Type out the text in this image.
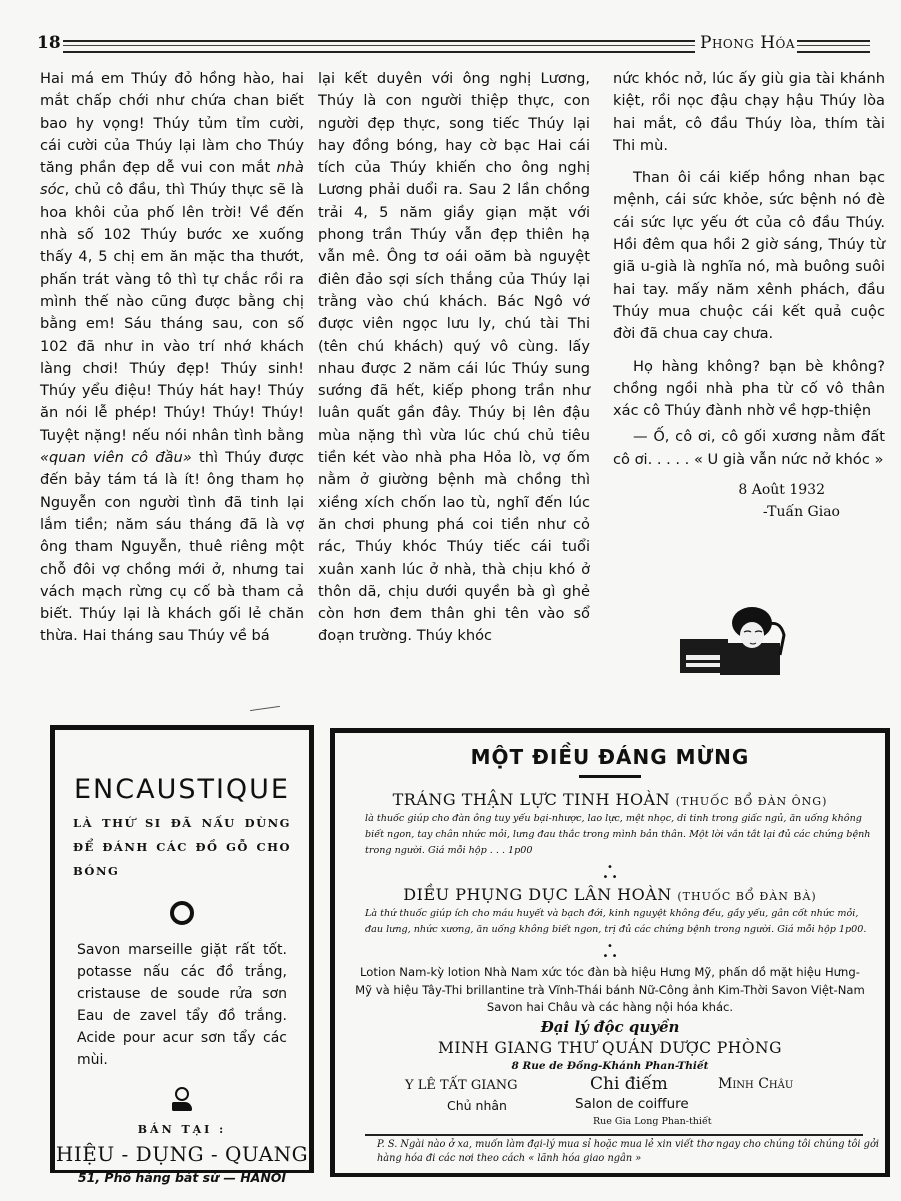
18	Phong Hóa

Hai má em Thúy đỏ hồng hào, hai mắt chấp chới như chứa chan biết bao hy vọng! Thúy tủm tỉm cười, cái cười của Thúy lại làm cho Thúy tăng phần đẹp dễ vui con mắt nhà sóc, chủ cô đầu, thì Thúy thực sẽ là hoa khôi của phố lên trời! Về đến nhà số 102 Thúy bước xe xuống thấy 4, 5 chị em ăn mặc tha thướt, phấn trát vàng tô thì tự chắc rồi ra mình thế nào cũng được bằng chị bằng em! Sáu tháng sau, con số 102 đã như in vào trí nhớ khách làng chơi! Thúy đẹp! Thúy sinh! Thúy yểu điệu! Thúy hát hay! Thúy ăn nói lễ phép! Thúy! Thúy! Thúy! Tuyệt nặng! nếu nói nhân tình bằng «quan viên cô đầu» thì Thúy được đến bảy tám tá là ít! ông tham họ Nguyễn con người tình đã tinh lại lắm tiền; năm sáu tháng đã là vợ ông tham Nguyễn, thuê riêng một chỗ đôi vợ chồng mới ở, nhưng tai vách mạch rừng cụ cố bà tham cả biết. Thúy lại là khách gối lẻ chăn thừa. Hai tháng sau Thúy về bá

lại kết duyên với ông nghị Lương, Thúy là con người thiệp thực, con người đẹp thực, song tiếc Thúy lại hay đồng bóng, hay cờ bạc Hai cái tích của Thúy khiến cho ông nghị Lương phải duổi ra. Sau 2 lần chồng trải 4, 5 năm giầy giạn mặt với phong trần Thúy vẫn đẹp thiên hạ vẫn mê. Ông tơ oái oăm bà nguyệt điên đảo sợi sích thắng của Thúy lại trằng vào chú khách. Bác Ngô vớ được viên ngọc lưu ly, chú tài Thi (tên chú khách) quý vô cùng. lấy nhau được 2 năm cái lúc Thúy sung sướng đã hết, kiếp phong trần như luân quất gần đây. Thúy bị lên đậu mùa nặng thì vừa lúc chú chủ tiêu tiền két vào nhà pha Hỏa lò, vợ ốm nằm ở giường bệnh mà chồng thì xiềng xích chốn lao tù, nghĩ đến lúc ăn chơi phung phá coi tiền như cỏ rác, Thúy khóc Thúy tiếc cái tuổi xuân xanh lúc ở nhà, thà chịu khó ở thôn dã, chịu dưới quyền bà gì ghẻ còn hơn đem thân ghi tên vào sổ đoạn trường. Thúy khóc

nức khóc nở, lúc ấy giù gia tài khánh kiệt, rồi nọc đậu chạy hậu Thúy lòa hai mắt, cô đầu Thúy lòa, thím tài Thi mù.

Than ôi cái kiếp hồng nhan bạc mệnh, cái sức khỏe, sức bệnh nó đè cái sức lực yếu ớt của cô đầu Thúy. Hồi đêm qua hồi 2 giờ sáng, Thúy từ giã u-già là nghĩa nó, mà buông suôi hai tay. mấy năm xênh phách, đầu Thúy mua chuộc cái kết quả cuộc đời đã chua cay chưa.

Họ hàng không? bạn bè không? chồng ngồi nhà pha từ cố vô thân xác cô Thúy đành nhờ về hợp-thiện

— Ố, cô ơi, cô gối xương nằm đất cô ơi. . . . . « U già vẫn nức nở khóc »

8 Août 1932
-Tuấn Giao
ENCAUSTIQUE
LÀ THỨ SI ĐÃ NẤU DÙNG ĐỂ ĐÁNH CÁC ĐỒ GỖ CHO BÓNG
Savon marseille giặt rất tốt. potasse nấu các đồ trắng, cristause de soude rửa sơn Eau de zavel tẩy đồ trắng. Acide pour acur sơn tẩy các mùi.
BÁN TẠI :
HIỆU - DỤNG - QUANG
51, Phố hàng bát sứ — HANOI
MỘT ĐIỀU ĐÁNG MỪNG
TRÁNG THẬN LỰC TINH HOÀN (THUỐC BỔ ĐÀN ÔNG)
là thuốc giúp cho đàn ông tuy yếu bại-nhược, lao lực, mệt nhọc, di tinh trong giấc ngủ, ăn uống không biết ngon, tay chân nhức mỏi, lưng đau thắc trong mình bản thân. Một lời vắn tắt lại đủ các chứng bệnh trong người. Giá mỗi hộp . . . 1p00
•
• •
DIỀU PHỤNG DỤC LÂN HOÀN (THUỐC BỔ ĐÀN BÀ)
Là thứ thuốc giúp ích cho máu huyết và bạch đới, kinh nguyệt không đều, gầy yếu, gân cốt nhức mỏi, đau lưng, nhức xương, ăn uống không biết ngon, trị đủ các chứng bệnh trong người. Giá mỗi hộp 1p00.
•
• •
Lotion Nam-kỳ lotion Nhà Nam xức tóc đàn bà hiệu Hưng Mỹ, phấn dồ mặt hiệu Hưng-Mỹ và hiệu Tây-Thi brillantine trà Vĩnh-Thái bánh Nữ-Công ảnh Kim-Thời Savon Việt-Nam Savon hai Châu và các hàng nội hóa khác.
Đại lý độc quyền
MINH GIANG THƯ QUÁN DƯỢC PHÒNG
8 Rue de Đồng-Khánh Phan-Thiết
Y LÊ TẤT GIANG
Chủ nhân
Chi điếm
Salon de coiffure
Rue Gia Long Phan-thiết
Minh Châu
P. S. Ngài nào ở xa, muốn làm đại-lý mua sỉ hoặc mua lẻ xin viết thơ ngay cho chúng tôi chúng tôi gởi hàng hóa đi các nơi theo cách « lãnh hóa giao ngân »
